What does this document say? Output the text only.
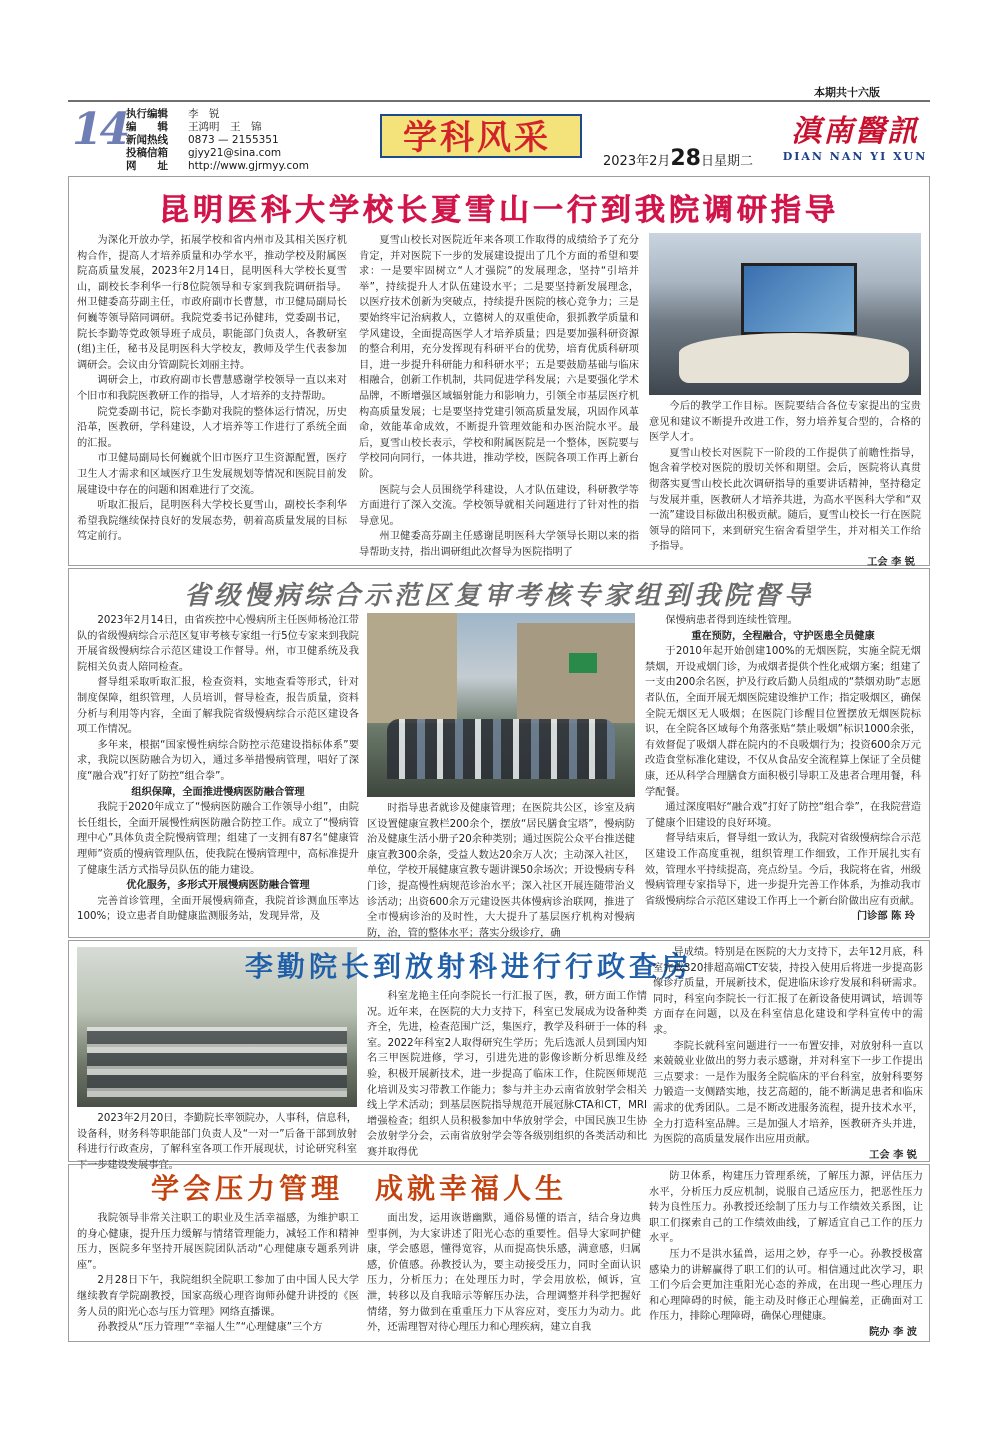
本期共十六版
14
执行编辑	李　锐
编　　辑	王鸿明　王　锦
新闻热线	0873 — 2155351
投稿信箱	gjyy21@sina.com
网　　址	http://www.gjrmyy.com
学科风采
2023年2月28日星期二
滇南醫訊
DIAN NAN YI XUN
昆明医科大学校长夏雪山一行到我院调研指导

为深化开放办学，拓展学校和省内州市及其相关医疗机构合作，提高人才培养质量和办学水平，推动学校及附属医院高质量发展，2023年2月14日，昆明医科大学校长夏雪山，副校长李利华一行8位院领导和专家到我院调研指导。州卫健委高芬副主任，市政府副市长曹慧，市卫健局副局长何巍等领导陪同调研。我院党委书记孙健玮，党委副书记，院长李勤等党政领导班子成员，职能部门负责人，各教研室(组)主任，秘书及昆明医科大学校友，教师及学生代表参加调研会。会议由分管副院长刘丽主持。

调研会上，市政府副市长曹慧感谢学校领导一直以来对个旧市和我院医教研工作的指导，人才培养的支持帮助。

院党委副书记，院长李勤对我院的整体运行情况，历史沿革，医教研，学科建设，人才培养等工作进行了系统全面的汇报。

市卫健局副局长何巍就个旧市医疗卫生资源配置，医疗卫生人才需求和区域医疗卫生发展规划等情况和医院目前发展建设中存在的问题和困难进行了交流。

听取汇报后，昆明医科大学校长夏雪山，副校长李利华希望我院继续保持良好的发展态势，朝着高质量发展的目标笃定前行。

夏雪山校长对医院近年来各项工作取得的成绩给予了充分肯定，并对医院下一步的发展建设提出了几个方面的希望和要求：一是要牢固树立“人才强院”的发展理念，坚持“引培并举”，持续提升人才队伍建设水平；二是要坚持新发展理念，以医疗技术创新为突破点，持续提升医院的核心竞争力；三是要始终牢记治病救人，立德树人的双重使命，狠抓教学质量和学风建设，全面提高医学人才培养质量；四是要加强科研资源的整合利用，充分发挥现有科研平台的优势，培育优质科研项目，进一步提升科研能力和科研水平；五是要鼓励基础与临床相融合，创新工作机制，共同促进学科发展；六是要强化学术品牌，不断增强区域辐射能力和影响力，引领全市基层医疗机构高质量发展；七是要坚持党建引领高质量发展，巩固作风革命，效能革命成效，不断提升管理效能和办医治院水平。最后，夏雪山校长表示，学校和附属医院是一个整体，医院要与学校同向同行，一体共进，推动学校，医院各项工作再上新台阶。

医院与会人员围绕学科建设，人才队伍建设，科研教学等方面进行了深入交流。学校领导就相关问题进行了针对性的指导意见。

州卫健委高芬副主任感谢昆明医科大学领导长期以来的指导帮助支持，指出调研组此次督导为医院指明了

今后的教学工作目标。医院要结合各位专家提出的宝贵意见和建议不断提升改进工作，努力培养复合型的，合格的医学人才。

夏雪山校长对医院下一阶段的工作提供了前瞻性指导，饱含着学校对医院的殷切关怀和期望。会后，医院将认真贯彻落实夏雪山校长此次调研指导的重要讲话精神，坚持稳定与发展并重，医教研人才培养共进，为高水平医科大学和“双一流”建设目标做出积极贡献。随后，夏雪山校长一行在医院领导的陪同下，来到研究生宿舍看望学生，并对相关工作给予指导。

工会 李 锐

省级慢病综合示范区复审考核专家组到我院督导

2023年2月14日，由省疾控中心慢病所主任医师杨沧江带队的省级慢病综合示范区复审考核专家组一行5位专家来到我院开展省级慢病综合示范区建设工作督导。州，市卫健系统及我院相关负责人陪同检查。

督导组采取听取汇报，检查资料，实地查看等形式，针对制度保障，组织管理，人员培训，督导检查，报告质量，资料分析与利用等内容，全面了解我院省级慢病综合示范区建设各项工作情况。

多年来，根据“国家慢性病综合防控示范建设指标体系”要求，我院以医防融合为切入，通过多举措慢病管理，唱好了深度“融合戏”打好了防控“组合拳”。

组织保障，全面推进慢病医防融合管理

我院于2020年成立了“慢病医防融合工作领导小组”，由院长任组长，全面开展慢性病医防融合防控工作。成立了“慢病管理中心”具体负责全院慢病管理；组建了一支拥有87名“健康管理师”资质的慢病管理队伍，使我院在慢病管理中，高标准提升了健康生活方式指导员队伍的能力建设。

优化服务，多形式开展慢病医防融合管理

完善首诊管理，全面开展慢病筛查，我院首诊测血压率达100%；设立患者自助健康监测服务站，发现异常，及

时指导患者就诊及健康管理；在医院共公区，诊室及病区设置健康宣教栏200余个，摆放“居民膳食宝塔”，慢病防治及健康生活小册子20余种类别；通过医院公众平台推送健康宣教300余条，受益人数达20余万人次；主动深入社区，单位，学校开展健康宣教专题讲课50余场次；开设慢病专科门诊，提高慢性病规范诊治水平；深入社区开展连随带治义诊活动；出资600余万元建设医共体慢病诊治联网，推进了全市慢病诊治的及时性，大大提升了基层医疗机构对慢病防，治，管的整体水平；落实分级诊疗，确

保慢病患者得到连续性管理。

重在预防，全程融合，守护医患全员健康

于2010年起开始创建100%的无烟医院，实施全院无烟禁烟，开设戒烟门诊，为戒烟者提供个性化戒烟方案；组建了一支由200余名医，护及行政后勤人员组成的“禁烟劝助”志愿者队伍，全面开展无烟医院建设维护工作；指定吸烟区，确保全院无烟区无人吸烟；在医院门诊醒目位置摆放无烟医院标识，在全院各区域每个角落张贴“禁止吸烟”标识1000余张，有效督促了吸烟人群在院内的不良吸烟行为；投资600余万元改造食堂标准化建设，不仅从食品安全流程算上保证了全员健康，还从科学合理膳食方面积极引导职工及患者合理用餐，科学配餐。

通过深度唱好“融合戏”打好了防控“组合拳”，在我院营造了健康个旧建设的良好环境。

督导结束后，督导组一致认为，我院对省级慢病综合示范区建设工作高度重视，组织管理工作细致，工作开展扎实有效，管理水平持续提高，亮点纷呈。今后，我院将在省，州级慢病管理专家指导下，进一步提升完善工作体系，为推动我市省级慢病综合示范区建设工作再上一个新台阶做出应有贡献。

门诊部 陈 玲

李勤院长到放射科进行行政查房

2023年2月20日，李勤院长率领院办，人事科，信息科，设备科，财务科等职能部门负责人及“一对一”后备干部到放射科进行行政查房，了解科室各项工作开展现状，讨论研究科室下一步建设发展事宜。

科室龙艳主任向李院长一行汇报了医，教，研方面工作情况。近年来，在医院的大力支持下，科室已发展成为设备种类齐全，先进，检查范围广泛，集医疗，教学及科研于一体的科室。2022年科室2人取得研究生学历；先后选派人员到国内知名三甲医院进修，学习，引进先进的影像诊断分析思维及经验，积极开展新技术，进一步提高了临床工作，住院医师规范化培训及实习带教工作能力；参与并主办云南省放射学会相关线上学术活动；到基层医院指导规范开展冠脉CTA和CT，MRI增强检查；组织人员积极参加中华放射学会，中国民族卫生协会放射学分会，云南省放射学会等各级别组织的各类活动和比赛并取得优

异成绩。特别是在医院的大力支持下，去年12月底，科室完成320排超高端CT安装，持投入使用后将进一步提高影像诊疗质量，开展新技术，促进临床诊疗发展和科研需求。同时，科室向李院长一行汇报了在新设备使用调试，培训等方面存在问题，以及在科室信息化建设和学科宣传中的需求。

李院长就科室问题进行一一布置安排，对放射科一直以来兢兢业业做出的努力表示感谢，并对科室下一步工作提出三点要求：一是作为服务全院临床的平台科室，放射科要努力锻造一支侧踏实地，技艺高超的，能不断满足患者和临床需求的优秀团队。二是不断改进服务流程，提升技术水平，全力打造科室品牌。三是加强人才培养，医教研齐头并进，为医院的高质量发展作出应用贡献。

工会 李 锐

学会压力管理　成就幸福人生

我院领导非常关注职工的职业及生活幸福感，为维护职工的身心健康，提升压力缓解与情绪管理能力，减轻工作和精神压力，医院多年坚持开展医院团队活动“心理健康专题系列讲座”。

2月28日下午，我院组织全院职工参加了由中国人民大学继续教育学院副教授，国家高级心理咨询师孙健升讲授的《医务人员的阳光心态与压力管理》网络直播课。

孙教授从“压力管理”“幸福人生”“心理健康”三个方

面出发，运用诙谐幽默，通俗易懂的语言，结合身边典型事例，为大家讲述了阳光心态的重要性。倡导大家呵护健康，学会感恩，懂得宽容，从而提高快乐感，满意感，归属感，价值感。孙教授认为，要主动接受压力，同时全面认识压力，分析压力；在处理压力时，学会用放松，倾诉，宣泄，转移以及自我暗示等解压办法，合理调整并科学把握好情绪，努力做到在重重压力下从容应对，变压力为动力。此外，还需理智对待心理压力和心理疾病，建立自我

防卫体系，构建压力管理系统，了解压力源，评估压力水平，分析压力反应机制，说服自己适应压力，把恶性压力转为良性压力。孙教授还绘制了压力与工作绩效关系图，让职工们探索自己的工作绩效曲线，了解适宜自己工作的压力水平。

压力不是洪水猛兽，运用之妙，存乎一心。孙教授极富感染力的讲解赢得了职工们的认可。相信通过此次学习，职工们今后会更加注重阳光心态的养成，在出现一些心理压力和心理障碍的时候，能主动及时修正心理偏差，正确面对工作压力，排除心理障碍，确保心理健康。

院办 李 波
